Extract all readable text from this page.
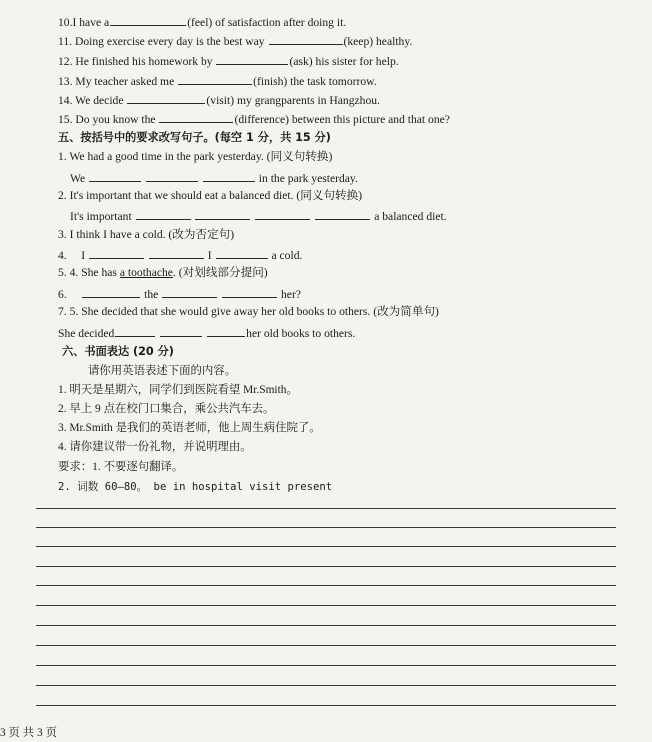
10.I have a	(feel) of satisfaction after doing it.
11. Doing exercise every day is the best way	(keep) healthy.
12. He finished his homework by	(ask) his sister for help.
13. My teacher asked me	(finish) the task tomorrow.
14. We decide	(visit) my grangparents in Hangzhou.
15. Do you know the	(difference) between this picture and that one?
五、按括号中的要求改写句子。(每空 1 分，共 15 分)
1. We had a good time in the park yesterday. (同义句转换)
We	in the park yesterday.
2. It's important that we should eat a balanced diet. (同义句转换)
It's important	a balanced diet.
3. I think I have a cold. (改为否定句)
4. I	I	a cold.
5. 4. She has a toothache. (对划线部分提问)
6.	the	her?
7. 5. She decided that she would give away her old books to others. (改为简单句)
She decided	her old books to others.
六、书面表达 (20 分)
请你用英语表述下面的内容。
1. 明天是星期六，同学们到医院看望 Mr.Smith。
2. 早上 9 点在校门口集合，乘公共汽车去。
3. Mr.Smith 是我们的英语老师，他上周生病住院了。
4. 请你建议带一份礼物，并说明理由。
要求：1. 不要逐句翻译。
2. 词数 60—80。 be in hospital visit present
3 页 共 3 页
